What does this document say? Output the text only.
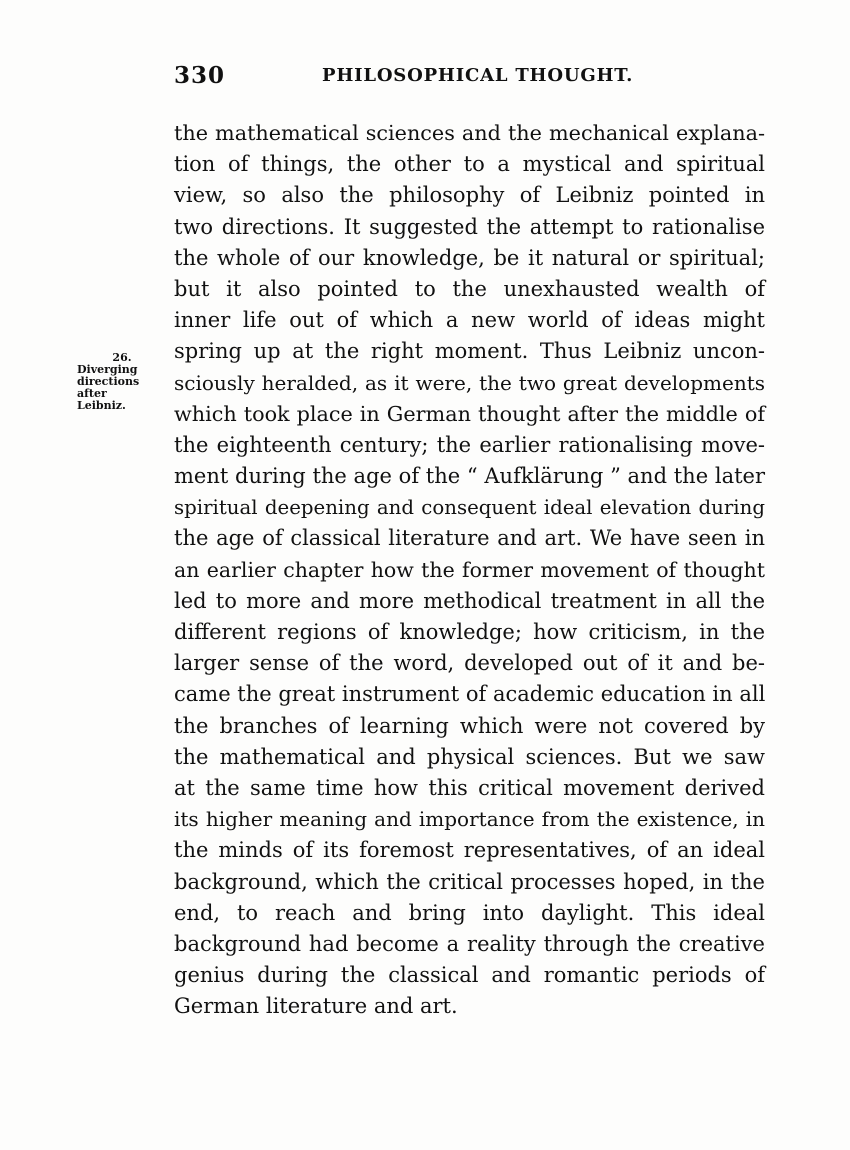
330	PHILOSOPHICAL THOUGHT.
26.
Diverging
directions
after
Leibniz.
the mathematical sciences and the mechanical explana-
tion of things, the other to a mystical and spiritual
view, so also the philosophy of Leibniz pointed in
two directions. It suggested the attempt to rationalise
the whole of our knowledge, be it natural or spiritual;
but it also pointed to the unexhausted wealth of
inner life out of which a new world of ideas might
spring up at the right moment. Thus Leibniz uncon-
sciously heralded, as it were, the two great developments
which took place in German thought after the middle of
the eighteenth century; the earlier rationalising move-
ment during the age of the “ Aufklärung ” and the later
spiritual deepening and consequent ideal elevation during
the age of classical literature and art. We have seen in
an earlier chapter how the former movement of thought
led to more and more methodical treatment in all the
different regions of knowledge; how criticism, in the
larger sense of the word, developed out of it and be-
came the great instrument of academic education in all
the branches of learning which were not covered by
the mathematical and physical sciences. But we saw
at the same time how this critical movement derived
its higher meaning and importance from the existence, in
the minds of its foremost representatives, of an ideal
background, which the critical processes hoped, in the
end, to reach and bring into daylight. This ideal
background had become a reality through the creative
genius during the classical and romantic periods of
German literature and art.
